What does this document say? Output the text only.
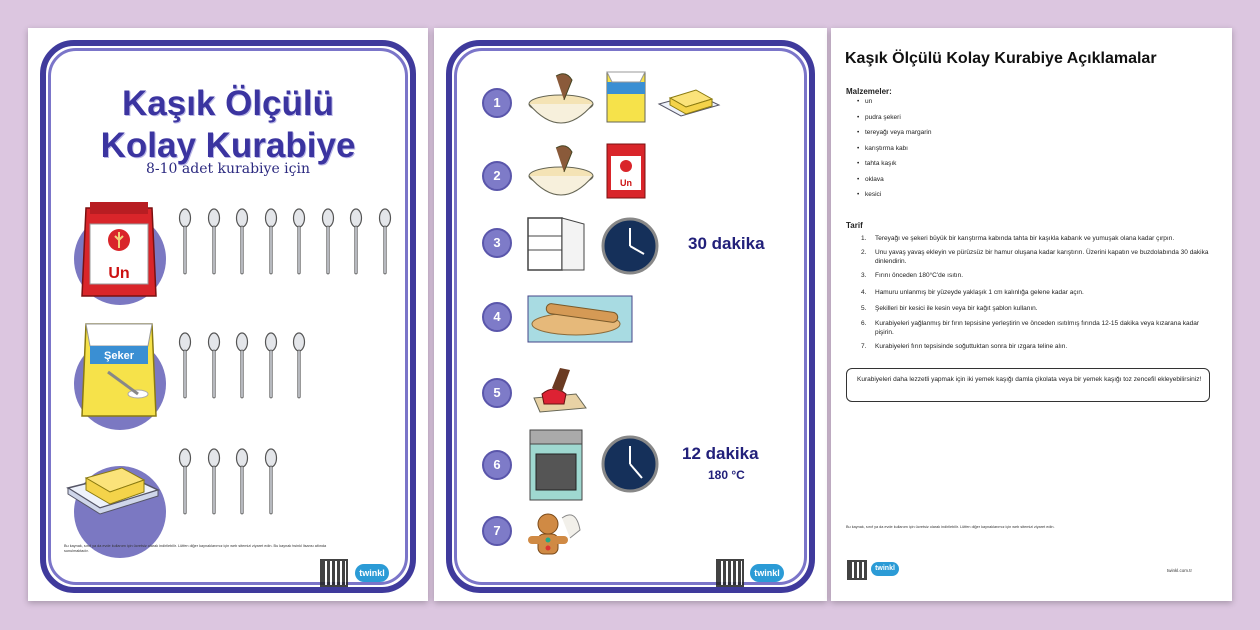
Kaşık Ölçülü
Kolay Kurabiye
8-10 adet kurabiye için
Un
Şeker
Bu kaynak, sınıf ya da evde kullanım için ücretsiz olarak indirilebilir. Lütfen diğer kaynaklarımız için web sitemizi ziyaret edin. Bu kaynak twinkl lisansı altında sunulmaktadır.
twinkl
1
2
3
4
5
6
7
Un
30 dakika
12 dakika
180 °C
twinkl
Kaşık Ölçülü Kolay Kurabiye Açıklamalar
Malzemeler:
• un
• pudra şekeri
• tereyağı veya margarin
• karıştırma kabı
• tahta kaşık
• oklava
• kesici
Tarif
1. Tereyağı ve şekeri büyük bir karıştırma kabında tahta bir kaşıkla kabarık ve yumuşak olana kadar çırpın.
2. Unu yavaş yavaş ekleyin ve pürüzsüz bir hamur oluşana kadar karıştırın. Üzerini kapatın ve buzdolabında 30 dakika dinlendirin.
3. Fırını önceden 180°C'de ısıtın.
4. Hamuru unlanmış bir yüzeyde yaklaşık 1 cm kalınlığa gelene kadar açın.
5. Şekilleri bir kesici ile kesin veya bir kağıt şablon kullanın.
6. Kurabiyeleri yağlanmış bir fırın tepsisine yerleştirin ve önceden ısıtılmış fırında 12-15 dakika veya kızarana kadar pişirin.
7. Kurabiyeleri fırın tepsisinde soğuttuktan sonra bir ızgara teline alın.
Kurabiyeleri daha lezzetli yapmak için iki yemek kaşığı damla çikolata veya bir yemek kaşığı toz zencefil ekleyebilirsiniz!
Bu kaynak, sınıf ya da evde kullanım için ücretsiz olarak indirilebilir. Lütfen diğer kaynaklarımız için web sitemizi ziyaret edin.
twinkl	twinkl.com.tr
